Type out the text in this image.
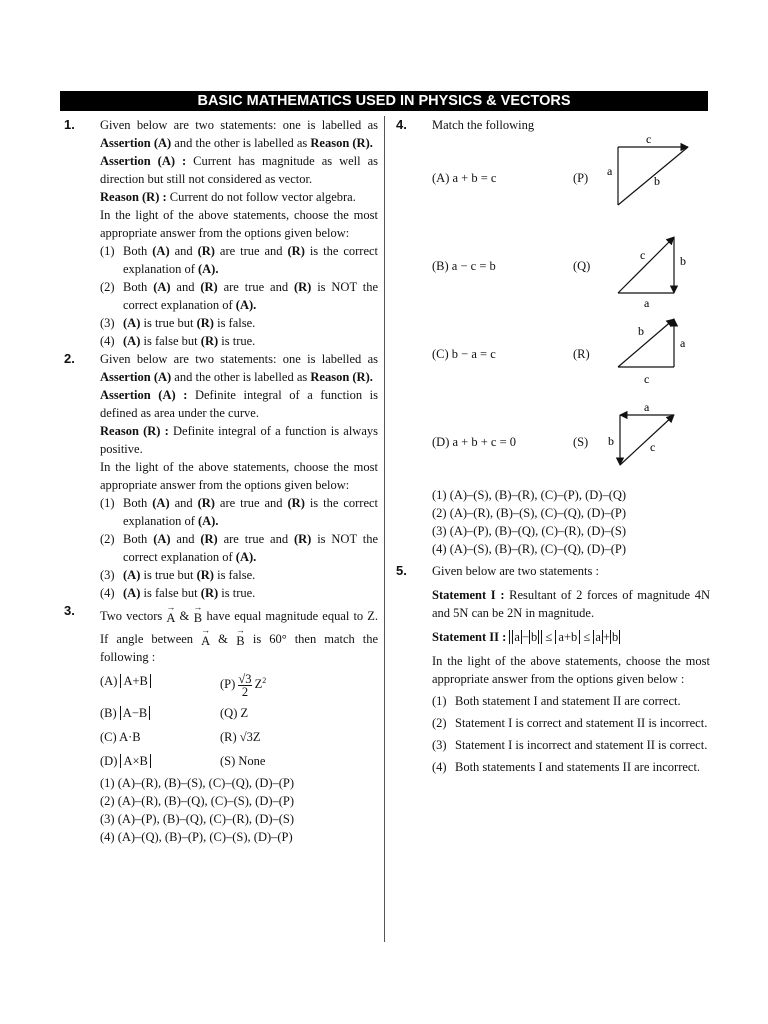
BASIC MATHEMATICS USED IN PHYSICS & VECTORS
1. Given below are two statements: one is labelled as Assertion (A) and the other is labelled as Reason (R).

Assertion (A) : Current has magnitude as well as direction but still not considered as vector.

Reason (R) : Current do not follow vector algebra.

In the light of the above statements, choose the most appropriate answer from the options given below:

(1) Both (A) and (R) are true and (R) is the correct explanation of (A).

(2) Both (A) and (R) are true and (R) is NOT the correct explanation of (A).

(3) (A) is true but (R) is false.

(4) (A) is false but (R) is true.

2. Given below are two statements: one is labelled as Assertion (A) and the other is labelled as Reason (R).

Assertion (A) : Definite integral of a function is defined as area under the curve.

Reason (R) : Definite integral of a function is always positive.

In the light of the above statements, choose the most appropriate answer from the options given below:

(1) Both (A) and (R) are true and (R) is the correct explanation of (A).

(2) Both (A) and (R) are true and (R) is NOT the correct explanation of (A).

(3) (A) is true but (R) is false.

(4) (A) is false but (R) is true.

3. Two vectors
→
A &
→
B have equal magnitude equal to Z. If angle between
→
A &
→
B is 60° then match the following :

(A) A+B	$(P) \frac{√3}{2} Z^2$
(B) A−B	(Q) Z
(C) A·B	(R) √3Z
(D) A×B	(S) None

(1) (A)–(R), (B)–(S), (C)–(Q), (D)–(P)

(2) (A)–(R), (B)–(Q), (C)–(S), (D)–(P)

(3) (A)–(P), (B)–(Q), (C)–(R), (D)–(S)

(4) (A)–(Q), (B)–(P), (C)–(S), (D)–(P)

4. Match the following

(A) a + b = c	(P)
c
a
b
(B) a − c = b	(Q)
c	b
a
(C) b − a = c	(R)
b
a
c
(D) a + b + c = 0	(S)
a
b	c

(1) (A)–(S), (B)–(R), (C)–(P), (D)–(Q)

(2) (A)–(R), (B)–(S), (C)–(Q), (D)–(P)

(3) (A)–(P), (B)–(Q), (C)–(R), (D)–(S)

(4) (A)–(S), (B)–(R), (C)–(Q), (D)–(P)

5. Given below are two statements :

Statement I : Resultant of 2 forces of magnitude 4N and 5N can be 2N in magnitude.

Statement II : a − b ≤ a+b ≤ a + b

In the light of the above statements, choose the most appropriate answer from the options given below :

(1) Both statement I and statement II are correct.

(2) Statement I is correct and statement II is incorrect.

(3) Statement I is incorrect and statement II is correct.

(4) Both statements I and statements II are incorrect.
